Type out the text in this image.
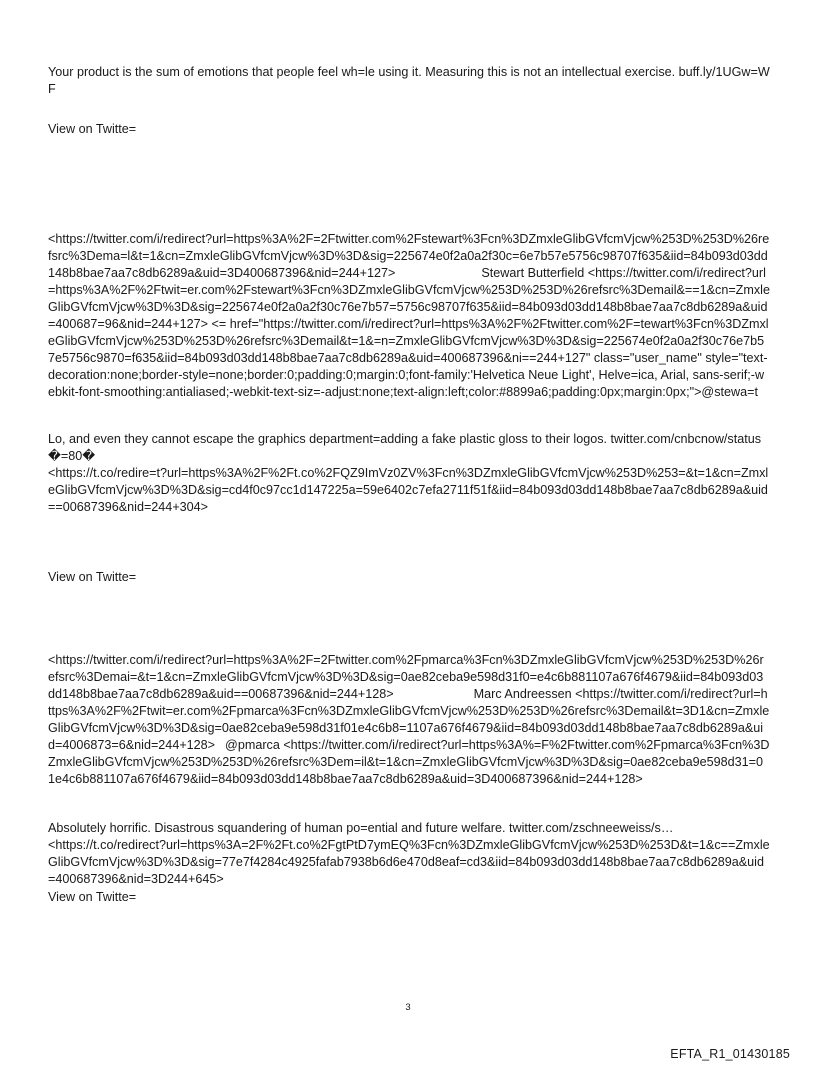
Your product is the sum of emotions that people feel wh=le using it. Measuring this is not an intellectual exercise. buff.ly/1UGw=WF

View on Twitte=

<https://twitter.com/i/redirect?url=https%3A%2F=2Ftwitter.com%2Fstewart%3Fcn%3DZmxleGlibGVfcmVjcw%253D%253D%26refsrc%3Dema=l&t=1&cn=ZmxleGlibGVfcmVjcw%3D%3D&sig=225674e0f2a0a2f30c=6e7b57e5756c98707f635&iid=84b093d03dd148b8bae7aa7c8db6289a&uid=3D400687396&nid=244+127>	Stewart Butterfield <https://twitter.com/i/redirect?url=https%3A%2F%2Ftwit=er.com%2Fstewart%3Fcn%3DZmxleGlibGVfcmVjcw%253D%253D%26refsrc%3Demail&==1&cn=ZmxleGlibGVfcmVjcw%3D%3D&sig=225674e0f2a0a2f30c76e7b57=5756c98707f635&iid=84b093d03dd148b8bae7aa7c8db6289a&uid=400687=96&nid=244+127> <= href="https://twitter.com/i/redirect?url=https%3A%2F%2Ftwitter.com%2F=tewart%3Fcn%3DZmxleGlibGVfcmVjcw%253D%253D%26refsrc%3Demail&t=1&=n=ZmxleGlibGVfcmVjcw%3D%3D&sig=225674e0f2a0a2f30c76e7b57e5756c9870=f635&iid=84b093d03dd148b8bae7aa7c8db6289a&uid=400687396&ni==244+127" class="user_name" style="text-decoration:none;border-style=none;border:0;padding:0;margin:0;font-family:'Helvetica Neue Light', Helve=ica, Arial, sans-serif;-webkit-font-smoothing:antialiased;-webkit-text-siz=-adjust:none;text-align:left;color:#8899a6;padding:0px;margin:0px;">@stewa=t
Lo, and even they cannot escape the graphics department=adding a fake plastic gloss to their logos. twitter.com/cnbcnow/status�=80�
<https://t.co/redire=t?url=https%3A%2F%2Ft.co%2FQZ9ImVz0ZV%3Fcn%3DZmxleGlibGVfcmVjcw%253D%253=&t=1&cn=ZmxleGlibGVfcmVjcw%3D%3D&sig=cd4f0c97cc1d147225a=59e6402c7efa2711f51f&iid=84b093d03dd148b8bae7aa7c8db6289a&uid==00687396&nid=244+304>

View on Twitte=

<https://twitter.com/i/redirect?url=https%3A%2F=2Ftwitter.com%2Fpmarca%3Fcn%3DZmxleGlibGVfcmVjcw%253D%253D%26refsrc%3Demai=&t=1&cn=ZmxleGlibGVfcmVjcw%3D%3D&sig=0ae82ceba9e598d31f0=e4c6b881107a676f4679&iid=84b093d03dd148b8bae7aa7c8db6289a&uid==00687396&nid=244+128>	Marc Andreessen <https://twitter.com/i/redirect?url=https%3A%2F%2Ftwit=er.com%2Fpmarca%3Fcn%3DZmxleGlibGVfcmVjcw%253D%253D%26refsrc%3Demail&t=3D1&cn=ZmxleGlibGVfcmVjcw%3D%3D&sig=0ae82ceba9e598d31f01e4c6b8=1107a676f4679&iid=84b093d03dd148b8bae7aa7c8db6289a&uid=4006873=6&nid=244+128> @pmarca <https://twitter.com/i/redirect?url=https%3A%=F%2Ftwitter.com%2Fpmarca%3Fcn%3DZmxleGlibGVfcmVjcw%253D%253D%26refsrc%3Dem=il&t=1&cn=ZmxleGlibGVfcmVjcw%3D%3D&sig=0ae82ceba9e598d31=01e4c6b881107a676f4679&iid=84b093d03dd148b8bae7aa7c8db6289a&uid=3D400687396&nid=244+128>
Absolutely horrific. Disastrous squandering of human po=ential and future welfare. twitter.com/zschneeweiss/s…
<https://t.co/redirect?url=https%3A=2F%2Ft.co%2FgtPtD7ymEQ%3Fcn%3DZmxleGlibGVfcmVjcw%253D%253D&t=1&c==ZmxleGlibGVfcmVjcw%3D%3D&sig=77e7f4284c4925fafab7938b6d6e470d8eaf=cd3&iid=84b093d03dd148b8bae7aa7c8db6289a&uid=400687396&nid=3D244+645>

View on Twitte=

3
EFTA_R1_01430185
